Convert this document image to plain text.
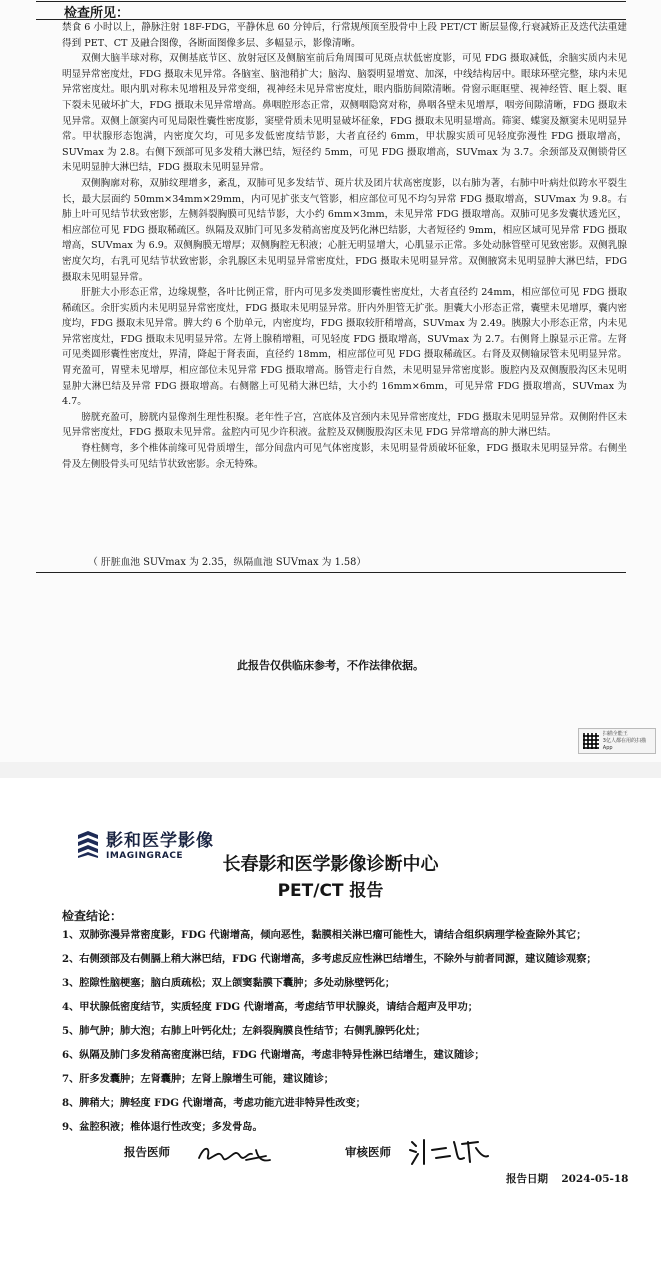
检查所见：

禁食 6 小时以上，静脉注射 18F-FDG，平静休息 60 分钟后，行常规颅顶至股骨中上段 PET/CT 断层显像,行衰减矫正及迭代法重建得到 PET、CT 及融合图像，各断面图像多层、多幅显示，影像清晰。

双侧大脑半球对称，双侧基底节区、放射冠区及侧脑室前后角周围可见斑点状低密度影，可见 FDG 摄取减低，余脑实质内未见明显异常密度灶，FDG 摄取未见异常。各脑室、脑池稍扩大；脑沟、脑裂明显增宽、加深，中线结构居中。眼球环壁完整，球内未见异常密度灶。眼内肌对称未见增粗及异常变细，视神经未见异常密度灶，眼内脂肪间隙清晰。骨窗示眶眶壁、视神经管、眶上裂、眶下裂未见破坏扩大，FDG 摄取未见异常增高。鼻咽腔形态正常，双侧咽隐窝对称，鼻咽各壁未见增厚，咽旁间隙清晰，FDG 摄取未见异常。双侧上颌窦内可见局限性囊性密度影，窦壁骨质未见明显破坏征象，FDG 摄取未见明显增高。筛窦、蝶窦及额窦未见明显异常。甲状腺形态饱满，内密度欠均，可见多发低密度结节影，大者直径约 6mm，甲状腺实质可见轻度弥漫性 FDG 摄取增高，SUVmax 为 2.8。右侧下颈部可见多发稍大淋巴结，短径约 5mm，可见 FDG 摄取增高，SUVmax 为 3.7。余颈部及双侧锁骨区未见明显肿大淋巴结，FDG 摄取未见明显异常。

双侧胸廓对称，双肺纹理增多，紊乱，双肺可见多发结节、斑片状及团片状高密度影，以右肺为著，右肺中叶病灶似跨水平裂生长，最大层面约 50mm×34mm×29mm，内可见扩张支气管影，相应部位可见不均匀异常 FDG 摄取增高，SUVmax 为 9.8。右肺上叶可见结节状致密影，左侧斜裂胸膜可见结节影，大小约 6mm×3mm，未见异常 FDG 摄取增高。双肺可见多发囊状透光区，相应部位可见 FDG 摄取稀疏区。纵隔及双肺门可见多发稍高密度及钙化淋巴结影，大者短径约 9mm，相应区域可见异常 FDG 摄取增高，SUVmax 为 6.9。双侧胸膜无增厚；双侧胸腔无积液；心脏无明显增大，心肌显示正常。多处动脉管壁可见致密影。双侧乳腺密度欠均，右乳可见结节状致密影，余乳腺区未见明显异常密度灶，FDG 摄取未见明显异常。双侧腋窝未见明显肿大淋巴结，FDG 摄取未见明显异常。

肝脏大小形态正常，边缘规整，各叶比例正常，肝内可见多发类圆形囊性密度灶，大者直径约 24mm，相应部位可见 FDG 摄取稀疏区。余肝实质内未见明显异常密度灶，FDG 摄取未见明显异常。肝内外胆管无扩张。胆囊大小形态正常，囊壁未见增厚，囊内密度均，FDG 摄取未见异常。脾大约 6 个肋单元，内密度均，FDG 摄取较肝稍增高，SUVmax 为 2.49。胰腺大小形态正常，内未见异常密度灶，FDG 摄取未见明显异常。左肾上腺稍增粗，可见轻度 FDG 摄取增高，SUVmax 为 2.7。右侧肾上腺显示正常。左肾可见类圆形囊性密度灶，界清，降起于肾表面，直径约 18mm，相应部位可见 FDG 摄取稀疏区。右肾及双侧输尿管未见明显异常。胃充盈可，胃壁未见增厚，相应部位未见异常 FDG 摄取增高。肠管走行自然，未见明显异常密度影。腹腔内及双侧腹股沟区未见明显肿大淋巴结及异常 FDG 摄取增高。右侧髂上可见稍大淋巴结，大小约 16mm×6mm，可见异常 FDG 摄取增高，SUVmax 为 4.7。

膀胱充盈可，膀胱内显像剂生理性积聚。老年性子宫，宫底体及宫颈内未见异常密度灶，FDG 摄取未见明显异常。双侧附件区未见异常密度灶，FDG 摄取未见异常。盆腔内可见少许积液。盆腔及双侧腹股沟区未见 FDG 异常增高的肿大淋巴结。

脊柱侧弯，多个椎体前缘可见骨质增生，部分间盘内可见气体密度影，未见明显骨质破坏征象，FDG 摄取未见明显异常。右侧坐骨及左侧股骨头可见结节状致密影。余无特殊。

（ 肝脏血池 SUVmax 为 2.35，纵隔血池 SUVmax 为 1.58）
此报告仅供临床参考，不作法律依据。
扫描全能王
3亿人都在用的扫描App
影和医学影像
IMAGINGRACE	长春影和医学影像诊断中心
PET/CT 报告
检查结论：
1、双肺弥漫异常密度影，FDG 代谢增高，倾向恶性，黏膜相关淋巴瘤可能性大，请结合组织病理学检查除外其它；
2、右侧颈部及右侧膈上稍大淋巴结，FDG 代谢增高，多考虑反应性淋巴结增生，不除外与前者同源，建议随诊观察；
3、腔隙性脑梗塞；脑白质疏松；双上颌窦黏膜下囊肿；多处动脉壁钙化；
4、甲状腺低密度结节，实质轻度 FDG 代谢增高，考虑结节甲状腺炎，请结合超声及甲功；
5、肺气肿；肺大泡；右肺上叶钙化灶；左斜裂胸膜良性结节；右侧乳腺钙化灶；
6、纵隔及肺门多发稍高密度淋巴结，FDG 代谢增高，考虑非特异性淋巴结增生，建议随诊；
7、肝多发囊肿；左肾囊肿；左肾上腺增生可能，建议随诊；
8、脾稍大；脾轻度 FDG 代谢增高，考虑功能亢进非特异性改变；
9、盆腔积液；椎体退行性改变；多发骨岛。
报告医师	审核医师
报告日期 2024-05-18
